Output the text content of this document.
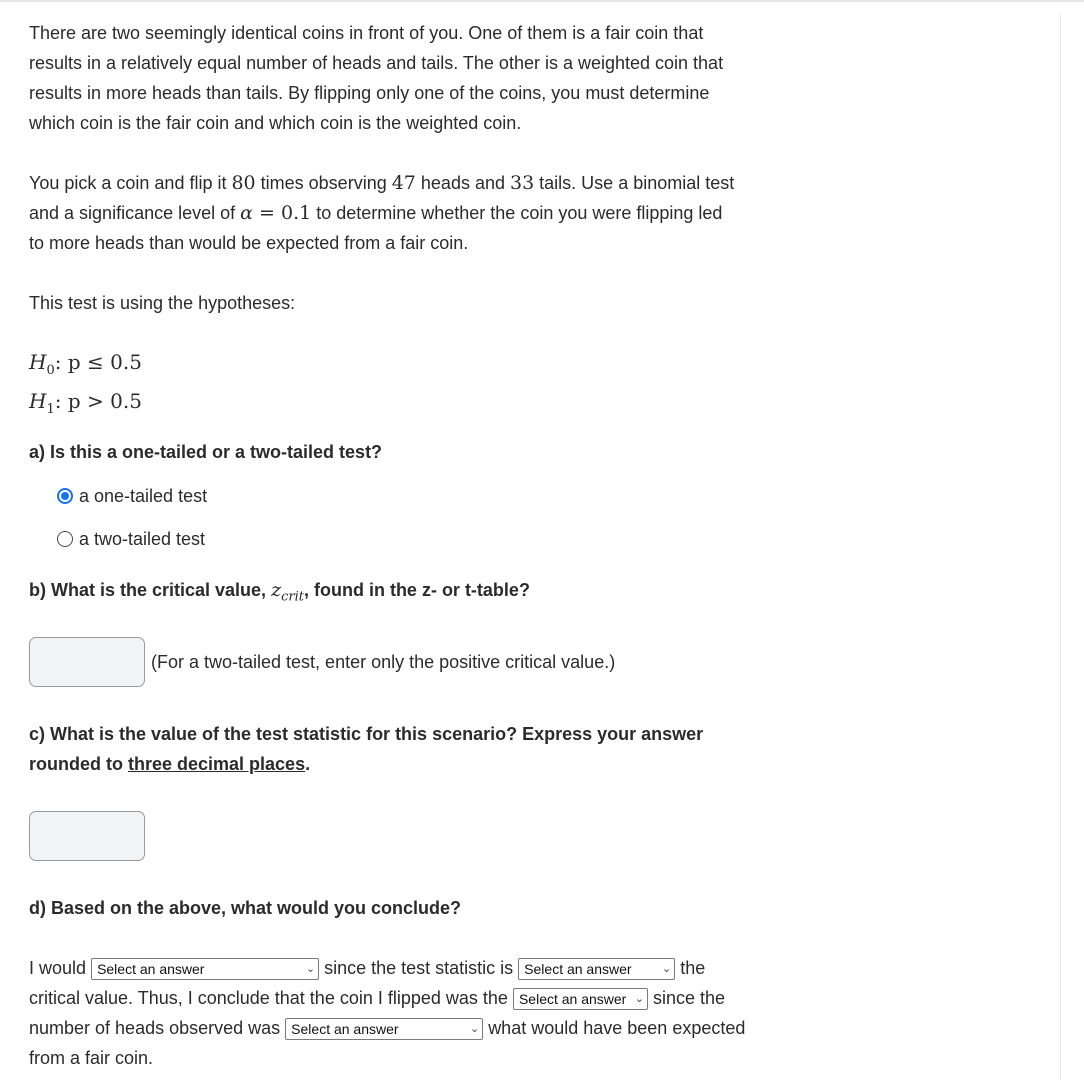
There are two seemingly identical coins in front of you. One of them is a fair coin that

results in a relatively equal number of heads and tails. The other is a weighted coin that

results in more heads than tails. By flipping only one of the coins, you must determine

which coin is the fair coin and which coin is the weighted coin.

You pick a coin and flip it 80 times observing 47 heads and 33 tails. Use a binomial test

and a significance level of α = 0.1 to determine whether the coin you were flipping led

to more heads than would be expected from a fair coin.

This test is using the hypotheses:

$H_0$: p ≤ 0.5
$H_1$: p > 0.5

a) Is this a one-tailed or a two-tailed test?

a one-tailed test
a two-tailed test

b) What is the critical value, $z_{crit}$, found in the z- or t-table?

(For a two-tailed test, enter only the positive critical value.)

c) What is the value of the test statistic for this scenario? Express your answer

rounded to three decimal places.

d) Based on the above, what would you conclude?

I would Select an answer	⌄ since the test statistic is Select an answer	⌄ the

critical value. Thus, I conclude that the coin I flipped was the Select an answer ⌄ since the

number of heads observed was Select an answer	⌄ what would have been expected

from a fair coin.
